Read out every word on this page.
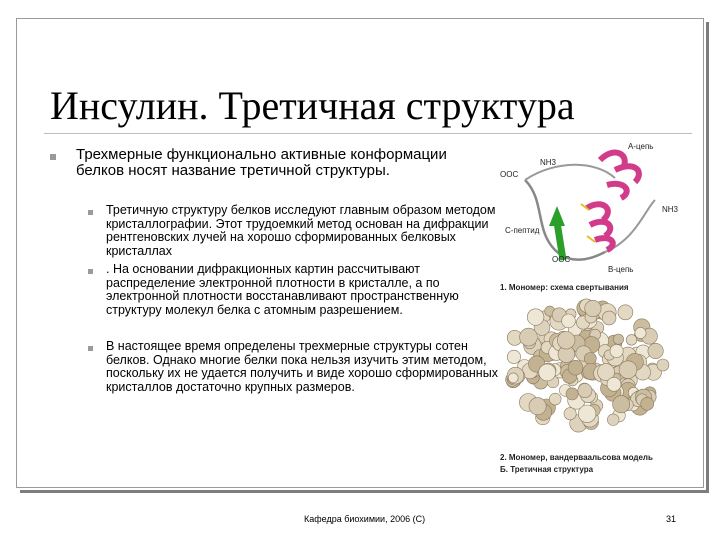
Инсулин. Третичная структура
Трехмерные функционально активные конформации белков носят название третичной структуры.
Третичную структуру белков исследуют главным образом методом кристаллографии. Этот трудоемкий метод основан на дифракции рентгеновских лучей на хорошо сформированных белковых кристаллах
. На основании дифракционных картин рассчитывают распределение электронной плотности в кристалле, а по электронной плотности восстанавливают пространственную структуру молекул белка с атомным разрешением.
В настоящее время определены трехмерные структуры сотен белков. Однако многие белки пока нельзя изучить этим методом, поскольку их не удается получить и виде хорошо сформированных кристаллов достаточно крупных размеров.
А-цепь
NH3
OOC
С-пептид
NH3
OOC
В-цепь
1. Мономер: схема свертывания
2. Мономер, вандерваальсова модель
Б. Третичная структура
Кафедра биохимии, 2006 (С)	31
